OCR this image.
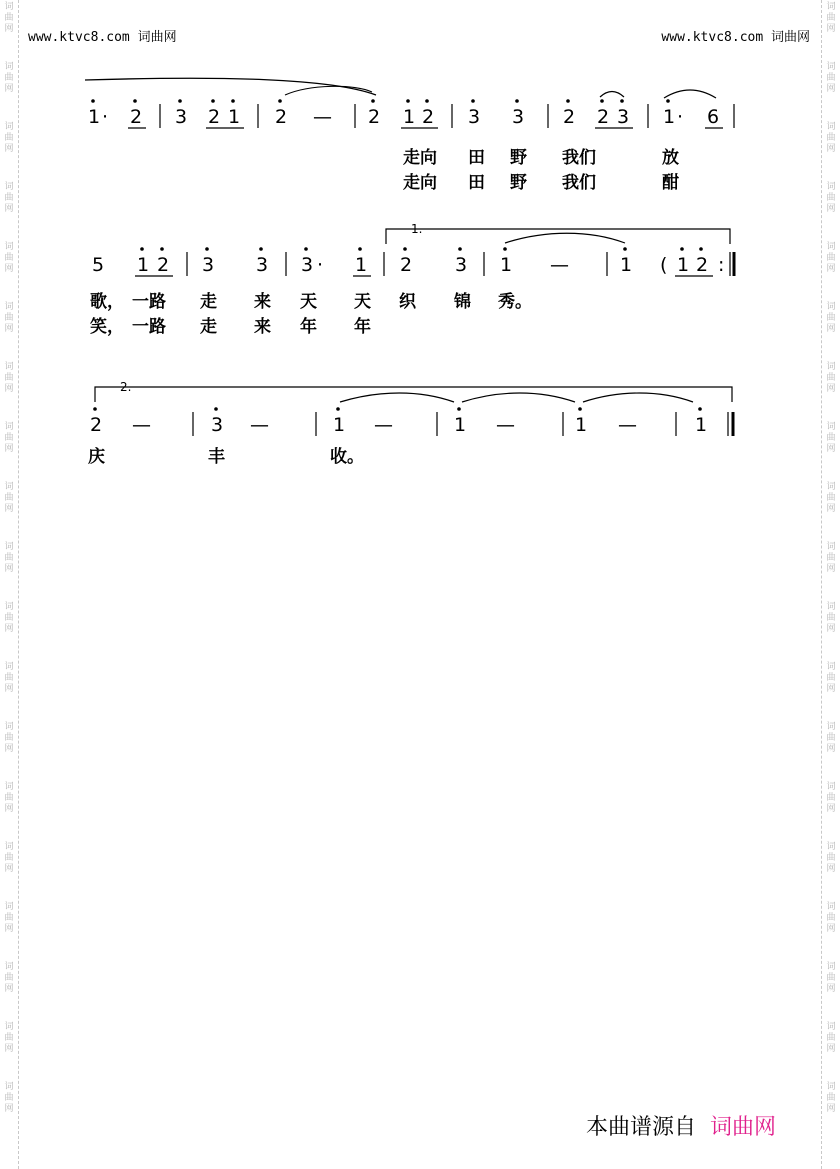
词
曲
网
词
曲
网
词
曲
网
词
曲
网
词
曲
网
词
曲
网
词
曲
网
词
曲
网
词
曲
网
词
曲
网
词
曲
网
词
曲
网
词
曲
网
词
曲
网
词
曲
网
词
曲
网
词
曲
网
词
曲
网
词
曲
网
词
曲
网
词
曲
网
词
曲
网
词
曲
网
词
曲
网
词
曲
网
词
曲
网
词
曲
网
词
曲
网
词
曲
网
词
曲
网
词
曲
网
词
曲
网
词
曲
网
词
曲
网
词
曲
网
词
曲
网
词
曲
网
词
曲
网
www.ktvc8.com 词曲网	www.ktvc8.com 词曲网
1 · 2 3 2 1 2 — 2 1 2 3 3 2 2 3 1 · 6
1.
5 1 2 3 3 3 · 1 2 3 1 —	1 ( 1 2 :
2.
2 —	3 —	1 —	1 —	1 —	1
走向 田 野 我们	放
走向 田 野 我们	酣
歌， 一路 走 来 天 天 织 锦 秀。
笑， 一路 走 来 年 年
庆	丰	收。
本曲谱源自 词曲网
